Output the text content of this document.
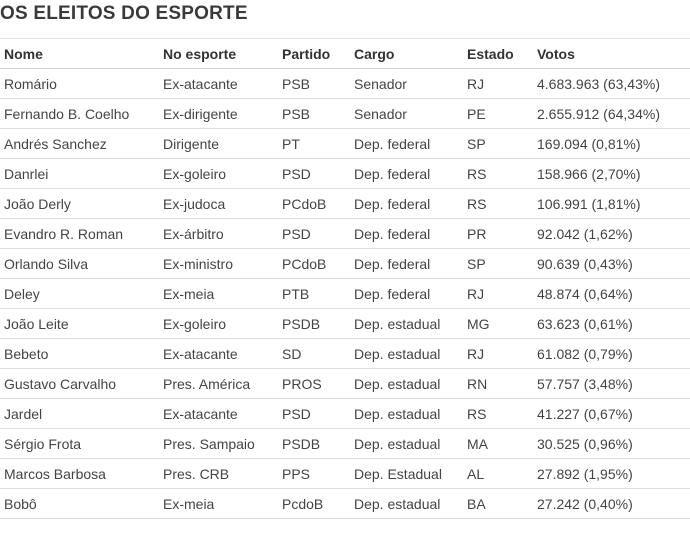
OS ELEITOS DO ESPORTE
Nome	No esporte	Partido	Cargo	Estado	Votos
Romário	Ex-atacante	PSB	Senador	RJ	4.683.963 (63,43%)
Fernando B. Coelho	Ex-dirigente	PSB	Senador	PE	2.655.912 (64,34%)
Andrés Sanchez	Dirigente	PT	Dep. federal	SP	169.094 (0,81%)
Danrlei	Ex-goleiro	PSD	Dep. federal	RS	158.966 (2,70%)
João Derly	Ex-judoca	PCdoB	Dep. federal	RS	106.991 (1,81%)
Evandro R. Roman	Ex-árbitro	PSD	Dep. federal	PR	92.042 (1,62%)
Orlando Silva	Ex-ministro	PCdoB	Dep. federal	SP	90.639 (0,43%)
Deley	Ex-meia	PTB	Dep. federal	RJ	48.874 (0,64%)
João Leite	Ex-goleiro	PSDB	Dep. estadual	MG	63.623 (0,61%)
Bebeto	Ex-atacante	SD	Dep. estadual	RJ	61.082 (0,79%)
Gustavo Carvalho	Pres. América	PROS	Dep. estadual	RN	57.757 (3,48%)
Jardel	Ex-atacante	PSD	Dep. estadual	RS	41.227 (0,67%)
Sérgio Frota	Pres. Sampaio	PSDB	Dep. estadual	MA	30.525 (0,96%)
Marcos Barbosa	Pres. CRB	PPS	Dep. Estadual	AL	27.892 (1,95%)
Bobô	Ex-meia	PcdoB	Dep. estadual	BA	27.242 (0,40%)
